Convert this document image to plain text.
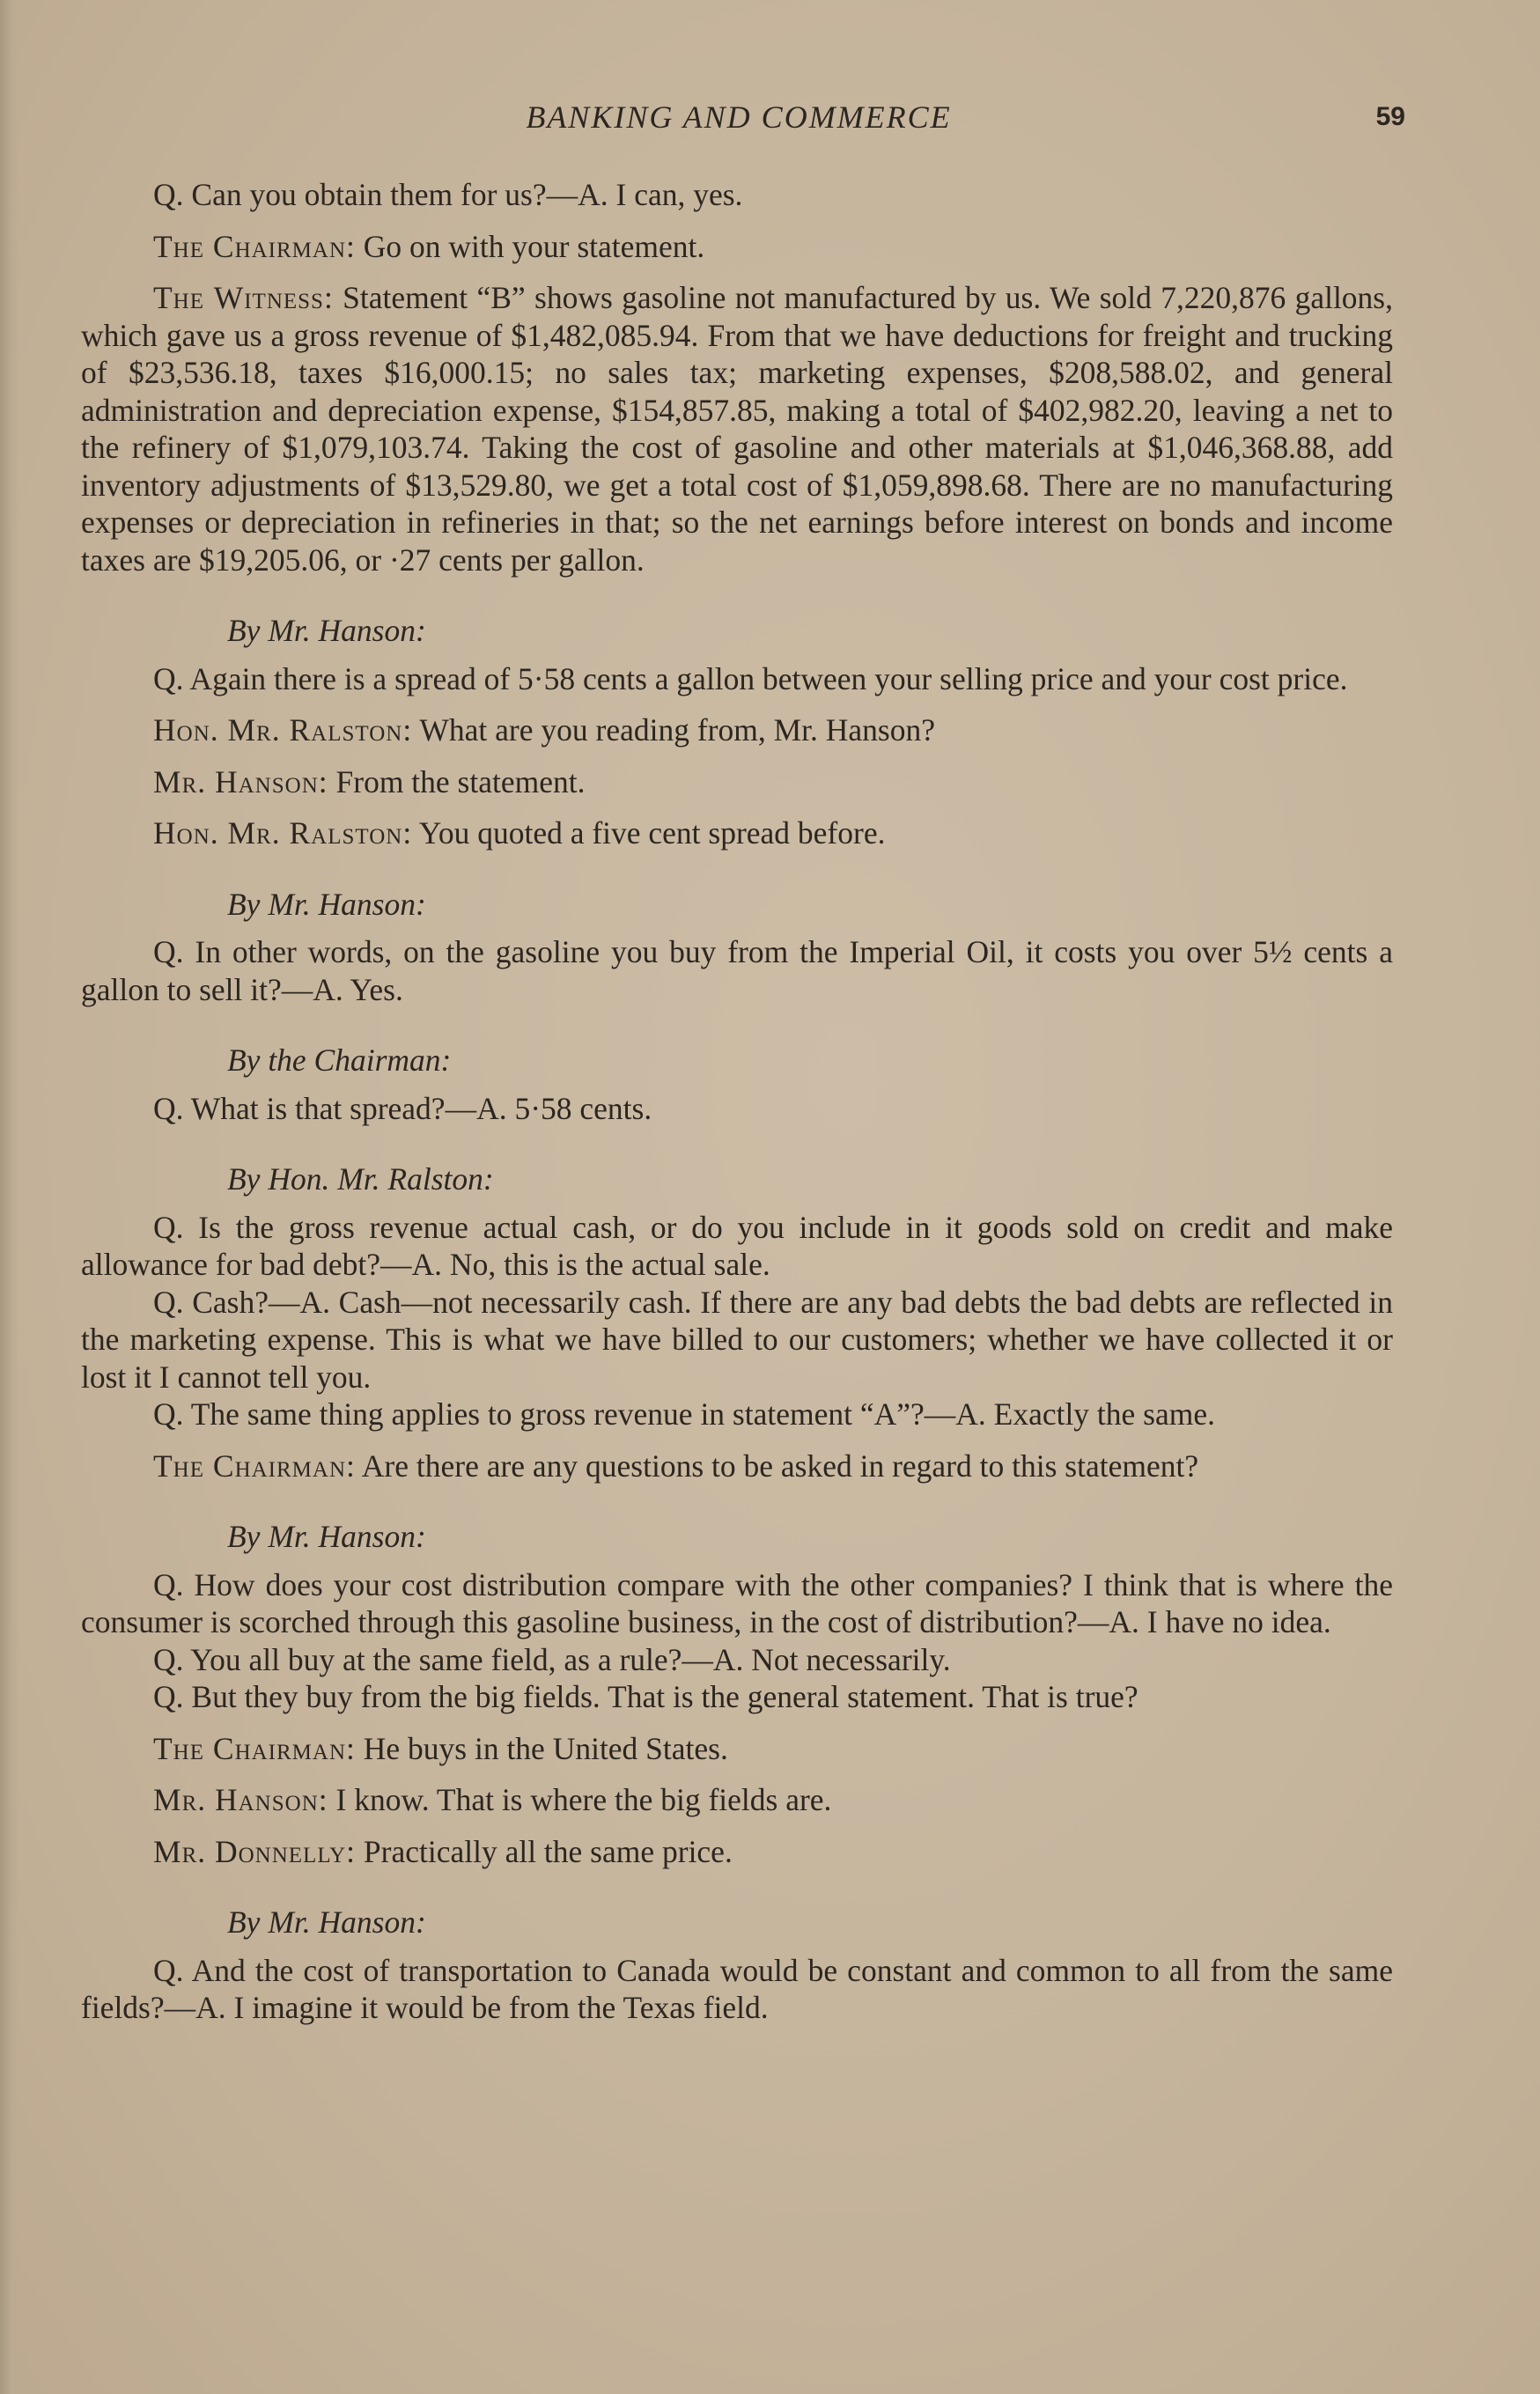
BANKING AND COMMERCE	59

Q. Can you obtain them for us?—A. I can, yes.

The Chairman: Go on with your statement.

The Witness: Statement “B” shows gasoline not manufactured by us. We sold 7,220,876 gallons, which gave us a gross revenue of $1,482,085.94. From that we have deductions for freight and trucking of $23,536.18, taxes $16,000.15; no sales tax; marketing expenses, $208,588.02, and general administration and depreciation expense, $154,857.85, making a total of $402,982.20, leaving a net to the refinery of $1,079,103.74. Taking the cost of gasoline and other materials at $1,046,368.88, add inventory adjustments of $13,529.80, we get a total cost of $1,059,898.68. There are no manufacturing expenses or depreciation in refineries in that; so the net earnings before interest on bonds and income taxes are $19,205.06, or ·27 cents per gallon.

By Mr. Hanson:

Q. Again there is a spread of 5·58 cents a gallon between your selling price and your cost price.

Hon. Mr. Ralston: What are you reading from, Mr. Hanson?

Mr. Hanson: From the statement.

Hon. Mr. Ralston: You quoted a five cent spread before.

By Mr. Hanson:

Q. In other words, on the gasoline you buy from the Imperial Oil, it costs you over 5½ cents a gallon to sell it?—A. Yes.

By the Chairman:

Q. What is that spread?—A. 5·58 cents.

By Hon. Mr. Ralston:

Q. Is the gross revenue actual cash, or do you include in it goods sold on credit and make allowance for bad debt?—A. No, this is the actual sale.

Q. Cash?—A. Cash—not necessarily cash. If there are any bad debts the bad debts are reflected in the marketing expense. This is what we have billed to our customers; whether we have collected it or lost it I cannot tell you.

Q. The same thing applies to gross revenue in statement “A”?—A. Exactly the same.

The Chairman: Are there are any questions to be asked in regard to this statement?

By Mr. Hanson:

Q. How does your cost distribution compare with the other companies? I think that is where the consumer is scorched through this gasoline business, in the cost of distribution?—A. I have no idea.

Q. You all buy at the same field, as a rule?—A. Not necessarily.

Q. But they buy from the big fields. That is the general statement. That is true?

The Chairman: He buys in the United States.

Mr. Hanson: I know. That is where the big fields are.

Mr. Donnelly: Practically all the same price.

By Mr. Hanson:

Q. And the cost of transportation to Canada would be constant and common to all from the same fields?—A. I imagine it would be from the Texas field.
